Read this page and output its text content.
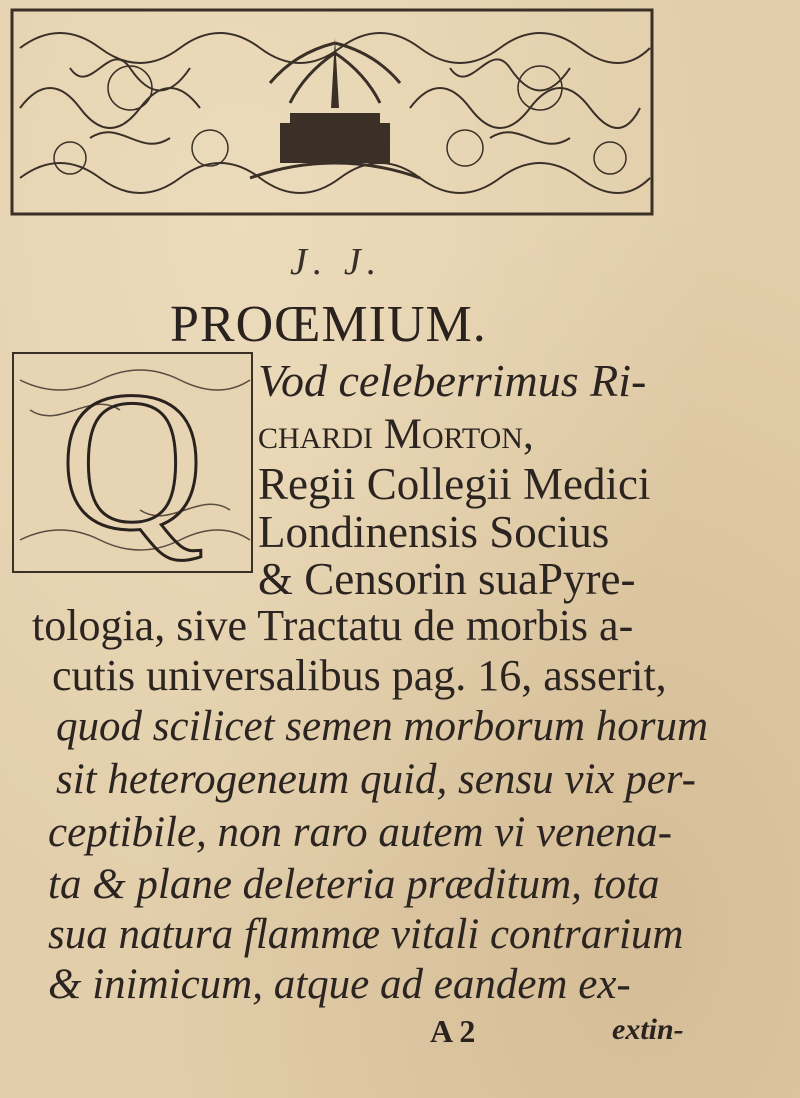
J. J.
PROŒMIUM.
Q Vod celeberrimus Ri-
chardi Morton,
Regii Collegii Medici
Londinensis Socius
& Censorin suaPyre-
tologia, sive Tractatu de morbis a-
cutis universalibus pag. 16, asserit,
quod scilicet semen morborum horum
sit heterogeneum quid, sensu vix per-
ceptibile, non raro autem vi venena-
ta & plane deleteria præditum, tota
sua natura flammæ vitali contrarium
& inimicum, atque ad eandem ex-
A 2	extin-
